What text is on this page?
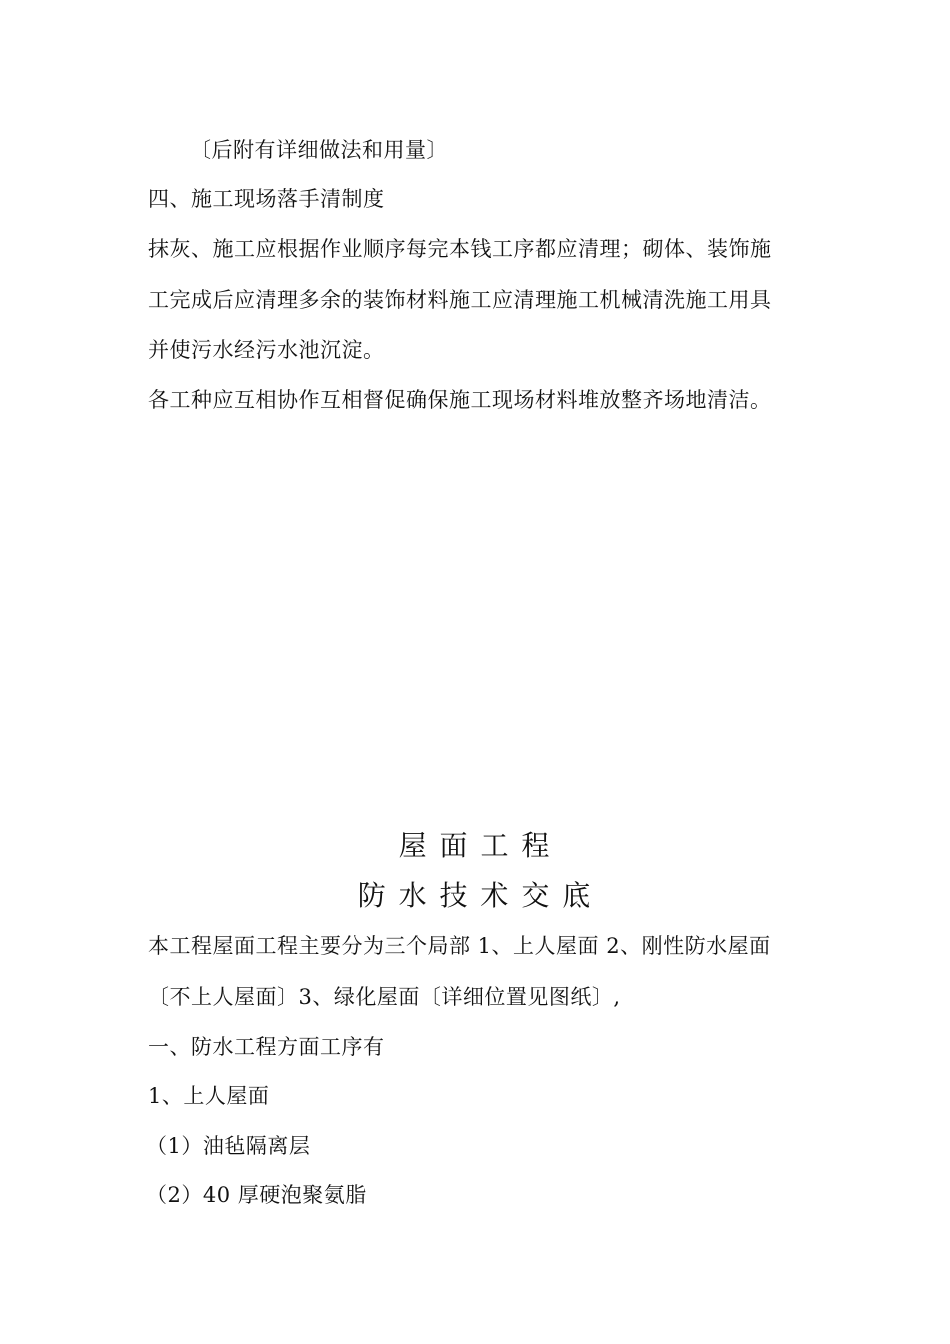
〔后附有详细做法和用量〕
四、施工现场落手清制度
抹灰、施工应根据作业顺序每完本钱工序都应清理；砌体、装饰施
工完成后应清理多余的装饰材料施工应清理施工机械清洗施工用具
并使污水经污水池沉淀。
各工种应互相协作互相督促确保施工现场材料堆放整齐场地清洁。
屋 面 工 程
防 水 技 术 交 底
本工程屋面工程主要分为三个局部 1、上人屋面 2、刚性防水屋面
〔不上人屋面〕3、绿化屋面〔详细位置见图纸〕,
一、防水工程方面工序有
1、上人屋面
（1）油毡隔离层
（2）40 厚硬泡聚氨脂
